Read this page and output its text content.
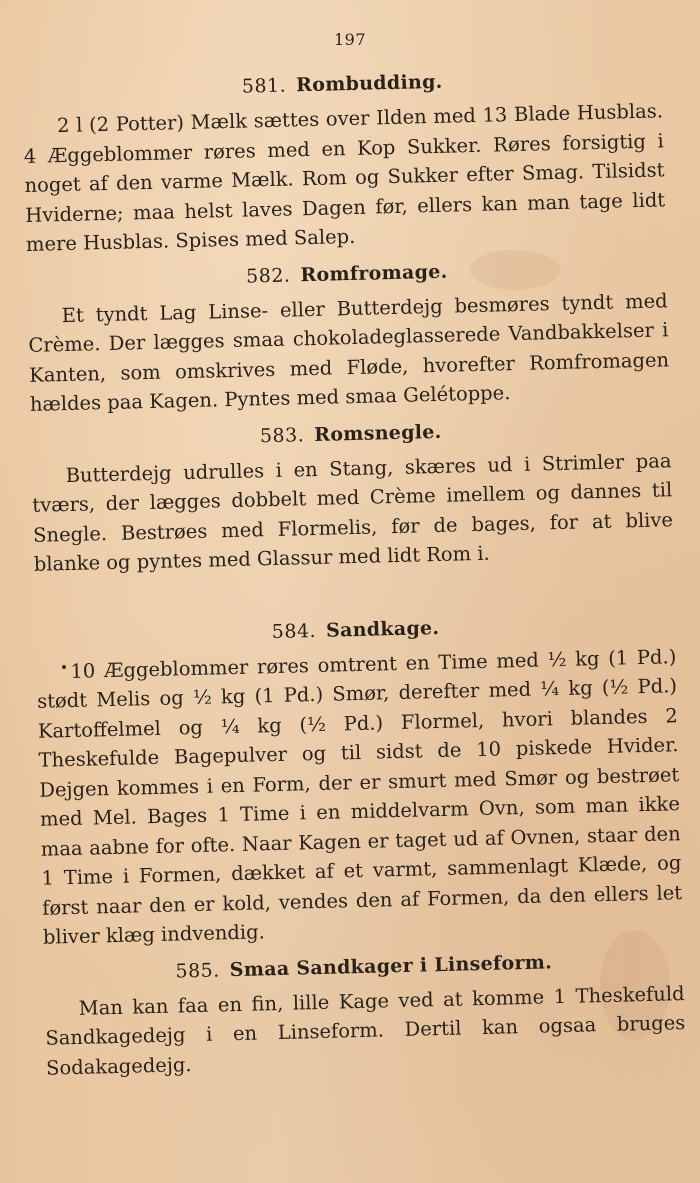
197
581. Rombudding.

2 l (2 Potter) Mælk sættes over Ilden med 13 Blade Husblas. 4 Æggeblommer røres med en Kop Sukker. Røres forsigtig i noget af den varme Mælk. Rom og Sukker efter Smag. Tilsidst Hviderne; maa helst laves Dagen før, ellers kan man tage lidt mere Husblas. Spises med Salep.

582. Romfromage.

Et tyndt Lag Linse- eller Butterdejg besmøres tyndt med Crème. Der lægges smaa chokoladeglasserede Vandbakkelser i Kanten, som omskrives med Fløde, hvorefter Romfromagen hældes paa Kagen. Pyntes med smaa Gelétoppe.

583. Romsnegle.

Butterdejg udrulles i en Stang, skæres ud i Strimler paa tværs, der lægges dobbelt med Crème imellem og dannes til Snegle. Bestrøes med Flormelis, før de bages, for at blive blanke og pyntes med Glassur med lidt Rom i.

584. Sandkage.

10 Æggeblommer røres omtrent en Time med ½ kg (1 Pd.) stødt Melis og ½ kg (1 Pd.) Smør, derefter med ¼ kg (½ Pd.) Kartoffelmel og ¼ kg (½ Pd.) Flormel, hvori blandes 2 Theskefulde Bagepulver og til sidst de 10 piskede Hvider. Dejgen kommes i en Form, der er smurt med Smør og bestrøet med Mel. Bages 1 Time i en middelvarm Ovn, som man ikke maa aabne for ofte. Naar Kagen er taget ud af Ovnen, staar den 1 Time i Formen, dækket af et varmt, sammenlagt Klæde, og først naar den er kold, vendes den af Formen, da den ellers let bliver klæg indvendig.

585. Smaa Sandkager i Linseform.

Man kan faa en fin, lille Kage ved at komme 1 Theskefuld Sandkagedejg i en Linseform. Dertil kan ogsaa bruges Sodakagedejg.
